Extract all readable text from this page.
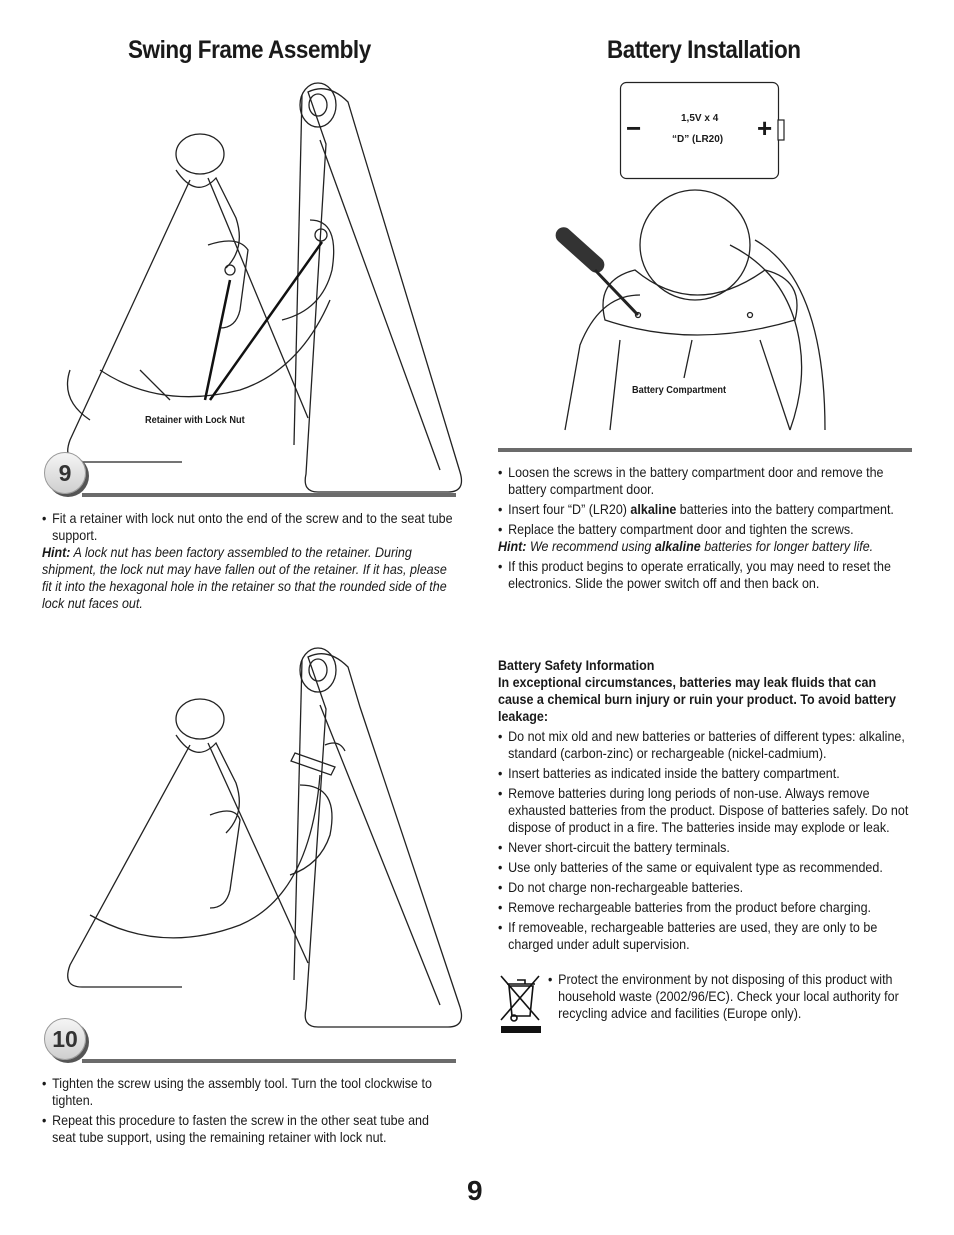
Swing Frame Assembly
Retainer with Lock Nut
9

• Fit a retainer with lock nut onto the end of the screw and to the seat tube support.

Hint: A lock nut has been factory assembled to the retainer. During shipment, the lock nut may have fallen out of the retainer. If it has, please fit it into the hexagonal hole in the retainer so that the rounded side of the lock nut faces out.

10

• Tighten the screw using the assembly tool. Turn the tool clockwise to tighten.

• Repeat this procedure to fasten the screw in the other seat tube and seat tube support, using the remaining retainer with lock nut.

Battery Installation
−	+
1,5V x 4
“D” (LR20)
Battery Compartment

• Loosen the screws in the battery compartment door and remove the battery compartment door.

• Insert four “D” (LR20) alkaline batteries into the battery compartment.

• Replace the battery compartment door and tighten the screws.

Hint: We recommend using alkaline batteries for longer battery life.

• If this product begins to operate erratically, you may need to reset the electronics. Slide the power switch off and then back on.

Battery Safety Information

In exceptional circumstances, batteries may leak fluids that can cause a chemical burn injury or ruin your product. To avoid battery leakage:

• Do not mix old and new batteries or batteries of different types: alkaline, standard (carbon-zinc) or rechargeable (nickel-cadmium).

• Insert batteries as indicated inside the battery compartment.

• Remove batteries during long periods of non-use. Always remove exhausted batteries from the product. Dispose of batteries safely. Do not dispose of product in a fire. The batteries inside may explode or leak.

• Never short-circuit the battery terminals.

• Use only batteries of the same or equivalent type as recommended.

• Do not charge non-rechargeable batteries.

• Remove rechargeable batteries from the product before charging.

• If removeable, rechargeable batteries are used, they are only to be charged under adult supervision.

• Protect the environment by not disposing of this product with household waste (2002/96/EC). Check your local authority for recycling advice and facilities (Europe only).

9
